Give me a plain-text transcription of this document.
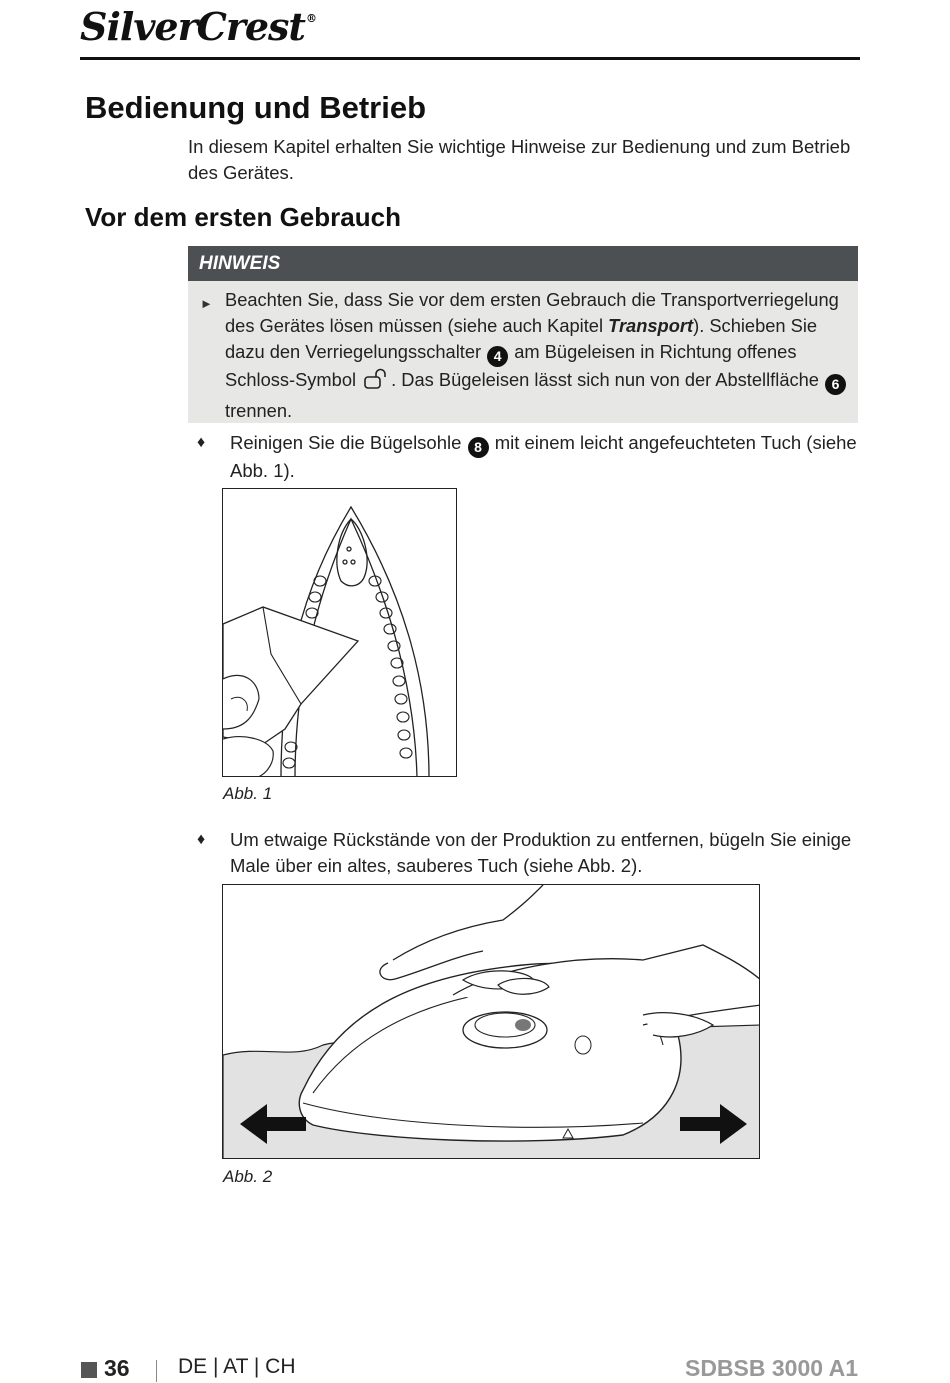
SilverCrest®
Bedienung und Betrieb

In diesem Kapitel erhalten Sie wichtige Hinweise zur Bedienung und zum Betrieb des Gerätes.

Vor dem ersten Gebrauch
HINWEIS
► Beachten Sie, dass Sie vor dem ersten Gebrauch die Transportverriegelung des Gerätes lösen müssen (siehe auch Kapitel Transport). Schieben Sie dazu den Verriegelungsschalter 4 am Bügeleisen in Richtung offenes Schloss-Symbol . Das Bügeleisen lässt sich nun von der Abstellfläche 6 trennen.
♦	Reinigen Sie die Bügelsohle 8 mit einem leicht angefeuchteten Tuch (siehe Abb. 1).
Abb. 1
♦	Um etwaige Rückstände von der Produktion zu entfernen, bügeln Sie einige Male über ein altes, sauberes Tuch (siehe Abb. 2).
Abb. 2
36 DE | AT | CH	SDBSB 3000 A1
